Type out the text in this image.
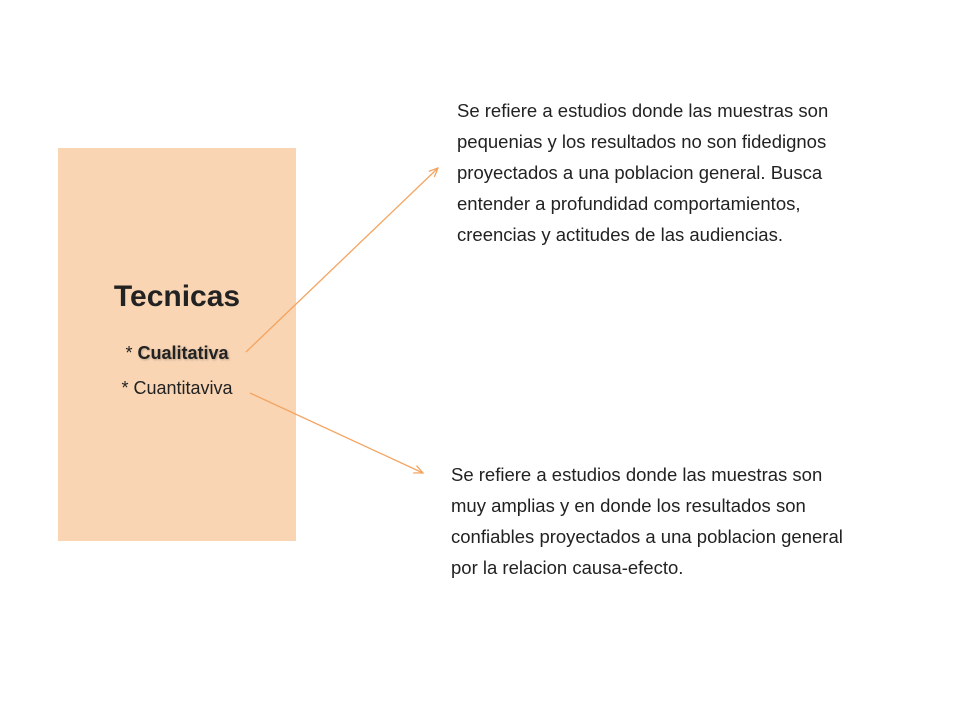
Tecnicas
* Cualitativa
* Cuantitaviva
Se refiere a estudios donde las muestras son
pequenias y los resultados no son fidedignos
proyectados a una poblacion general. Busca
entender a profundidad comportamientos,
creencias y actitudes de las audiencias.
Se refiere a estudios donde las muestras son
muy amplias y en donde los resultados son
confiables proyectados a una poblacion general
por la relacion causa-efecto.
